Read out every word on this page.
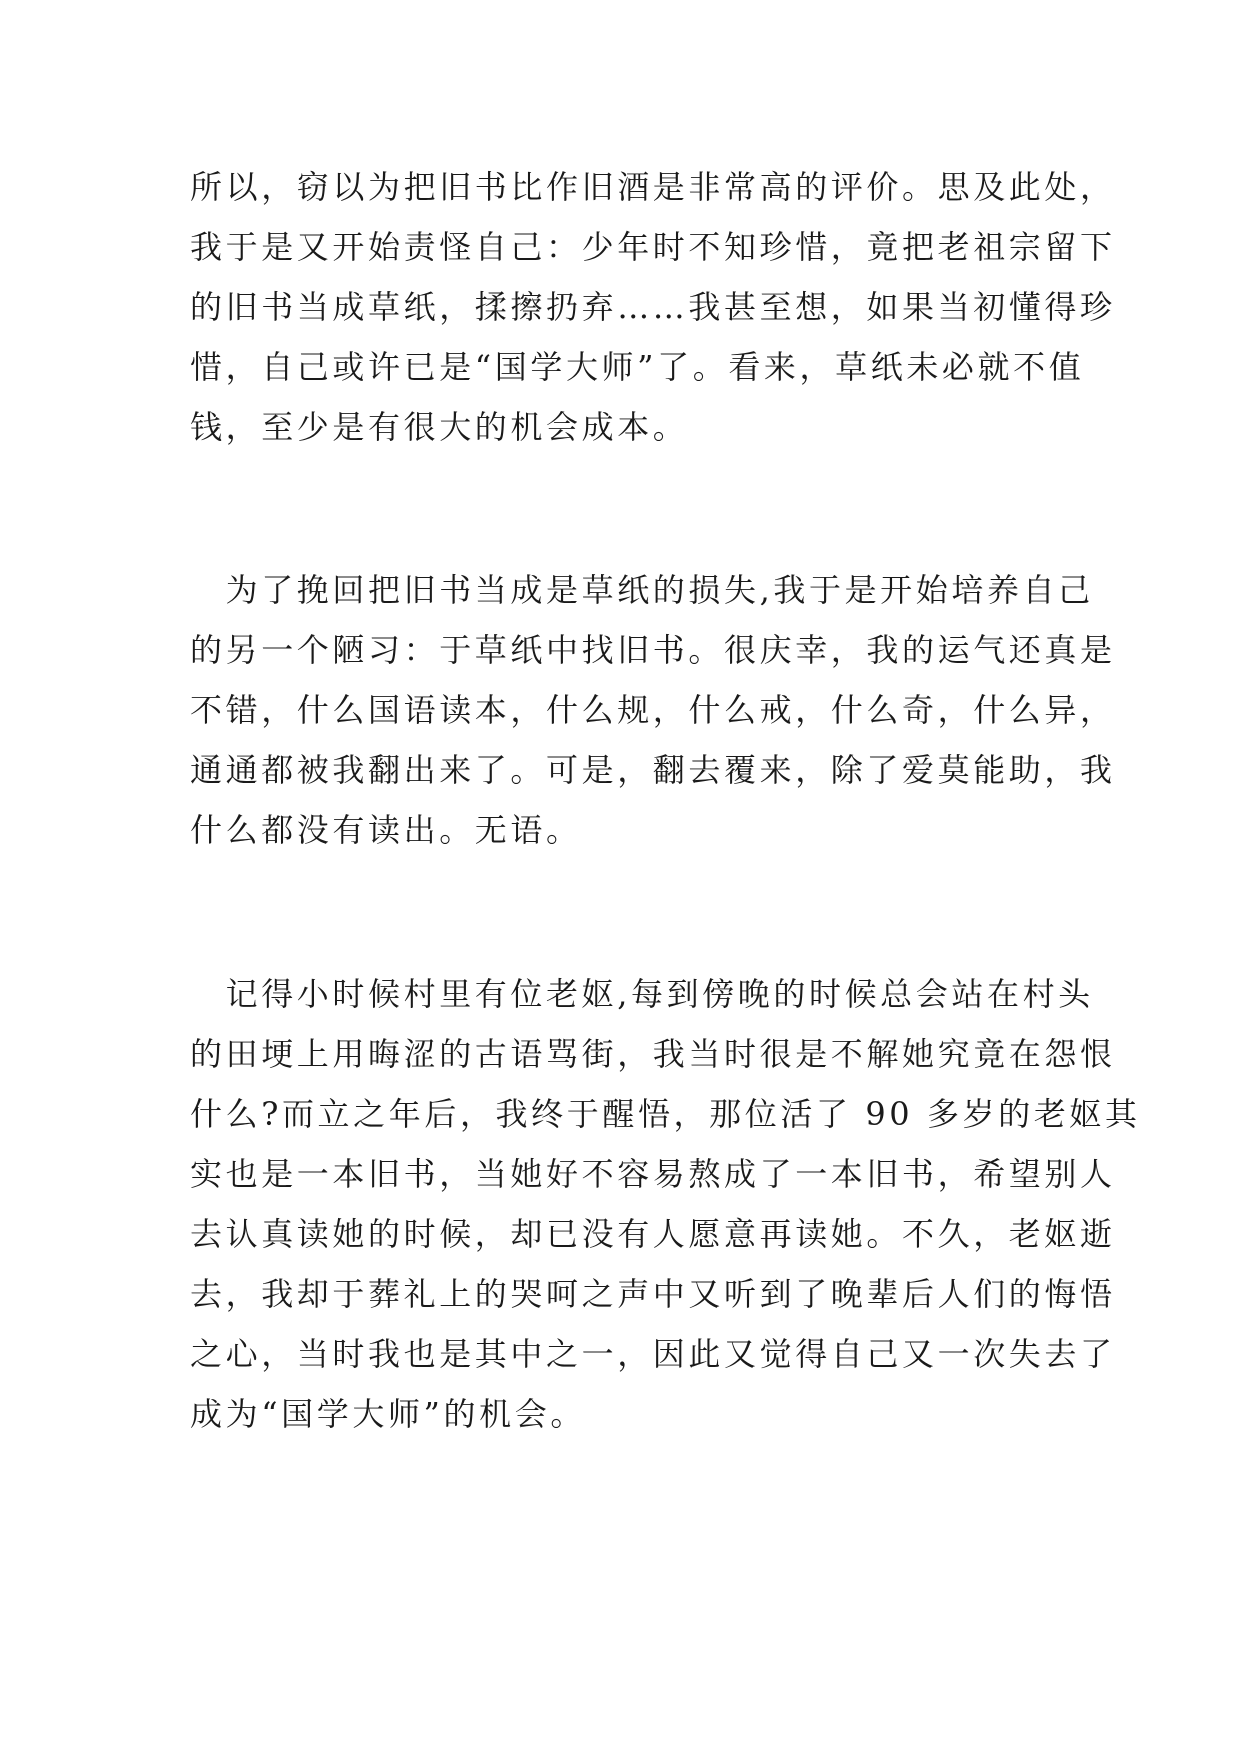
所以，窃以为把旧书比作旧酒是非常高的评价。思及此处，
我于是又开始责怪自己：少年时不知珍惜，竟把老祖宗留下
的旧书当成草纸，揉擦扔弃……我甚至想，如果当初懂得珍
惜，自己或许已是“国学大师”了。看来，草纸未必就不值
钱，至少是有很大的机会成本。
　为了挽回把旧书当成是草纸的损失,我于是开始培养自己
的另一个陋习：于草纸中找旧书。很庆幸，我的运气还真是
不错，什么国语读本，什么规，什么戒，什么奇，什么异，
通通都被我翻出来了。可是，翻去覆来，除了爱莫能助，我
什么都没有读出。无语。
　记得小时候村里有位老妪,每到傍晚的时候总会站在村头
的田埂上用晦涩的古语骂街，我当时很是不解她究竟在怨恨
什么?而立之年后，我终于醒悟，那位活了 90 多岁的老妪其
实也是一本旧书，当她好不容易熬成了一本旧书，希望别人
去认真读她的时候，却已没有人愿意再读她。不久，老妪逝
去，我却于葬礼上的哭呵之声中又听到了晚辈后人们的悔悟
之心，当时我也是其中之一，因此又觉得自己又一次失去了
成为“国学大师”的机会。
